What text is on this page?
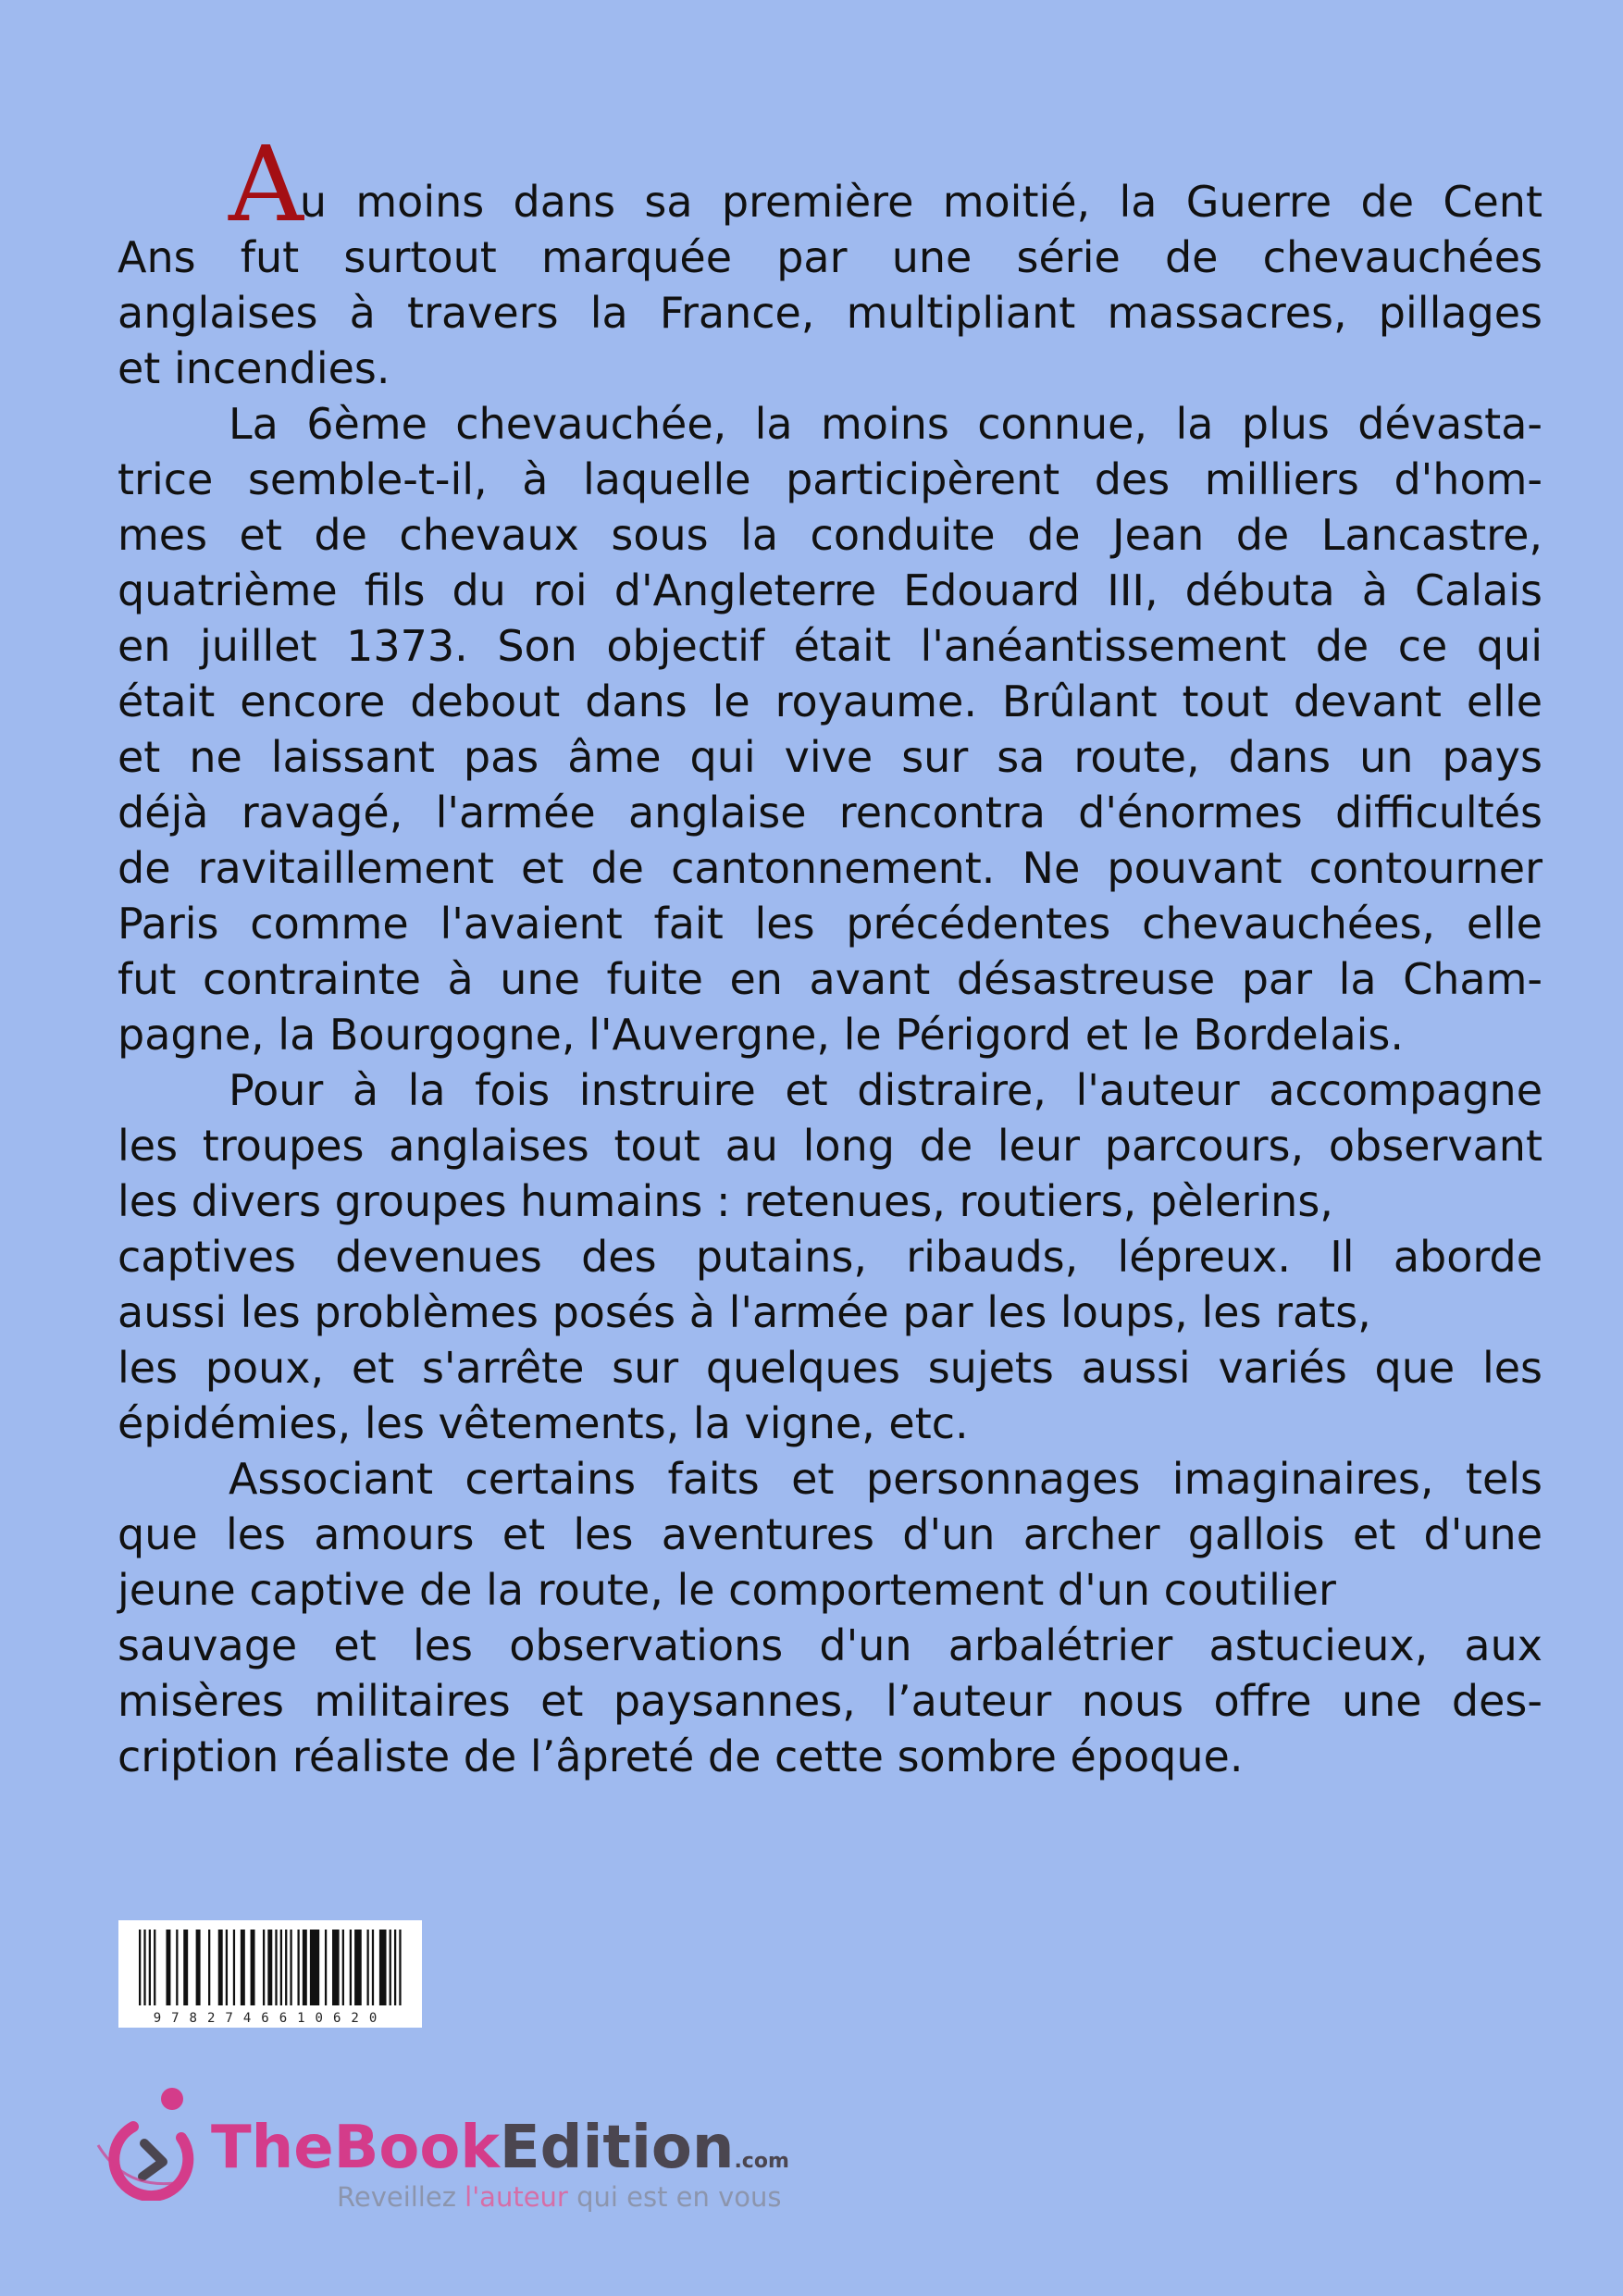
Au moins dans sa première moitié, la Guerre de Cent
Ans fut surtout marquée par une série de chevauchées
anglaises à travers la France, multipliant massacres, pillages
et incendies.
La 6ème chevauchée, la moins connue, la plus dévasta-
trice semble-t-il, à laquelle participèrent des milliers d'hom-
mes et de chevaux sous la conduite de Jean de Lancastre,
quatrième fils du roi d'Angleterre Edouard III, débuta à Calais
en juillet 1373. Son objectif était l'anéantissement de ce qui
était encore debout dans le royaume. Brûlant tout devant elle
et ne laissant pas âme qui vive sur sa route, dans un pays
déjà ravagé, l'armée anglaise rencontra d'énormes difficultés
de ravitaillement et de cantonnement. Ne pouvant contourner
Paris comme l'avaient fait les précédentes chevauchées, elle
fut contrainte à une fuite en avant désastreuse par la Cham-
pagne, la Bourgogne, l'Auvergne, le Périgord et le Bordelais.
Pour à la fois instruire et distraire, l'auteur accompagne
les troupes anglaises tout au long de leur parcours, observant
les divers groupes humains : retenues, routiers, pèlerins,
captives devenues des putains, ribauds, lépreux. Il aborde
aussi les problèmes posés à l'armée par les loups, les rats,
les poux, et s'arrête sur quelques sujets aussi variés que les
épidémies, les vêtements, la vigne, etc.
Associant certains faits et personnages imaginaires, tels
que les amours et les aventures d'un archer gallois et d'une
jeune captive de la route, le comportement d'un coutilier
sauvage et les observations d'un arbalétrier astucieux, aux
misères militaires et paysannes, l’auteur nous offre une des-
cription réaliste de l’âpreté de cette sombre époque.
9782746610620
TheBookEdition.com
Reveillez l'auteur qui est en vous
